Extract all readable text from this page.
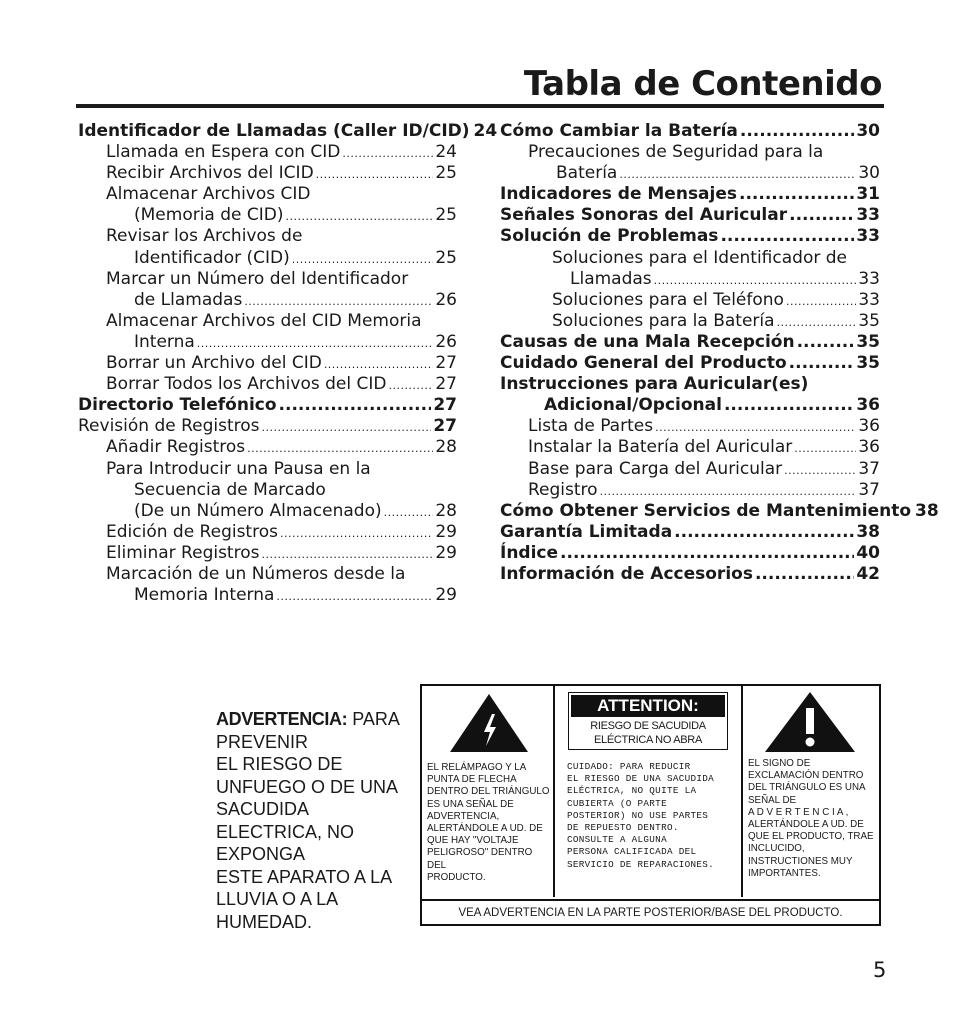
Tabla de Contenido
Identificador de Llamadas (Caller ID/CID) 24
Llamada en Espera con CID .....	24
Recibir Archivos del ICID .....	25
Almacenar Archivos CID
(Memoria de CID) .....	25
Revisar los Archivos de
Identificador (CID) .....	25
Marcar un Número del Identificador
de Llamadas .....	26
Almacenar Archivos del CID Memoria
Interna .....	26
Borrar un Archivo del CID .....	27
Borrar Todos los Archivos del CID .....	27
Directorio Telefónico .....	27
Revisión de Registros .....	27
Añadir Registros .....	28
Para Introducir una Pausa en la
Secuencia de Marcado
(De un Número Almacenado) .....	28
Edición de Registros .....	29
Eliminar Registros .....	29
Marcación de un Números desde la
Memoria Interna .....	29
Cómo Cambiar la Batería .....	30
Precauciones de Seguridad para la
Batería .....	30
Indicadores de Mensajes .....	31
Señales Sonoras del Auricular .....	33
Solución de Problemas .....	33
Soluciones para el Identificador de
Llamadas .....	33
Soluciones para el Teléfono .....	33
Soluciones para la Batería .....	35
Causas de una Mala Recepción .....	35
Cuidado General del Producto .....	35
Instrucciones para Auricular(es)
Adicional/Opcional .....	36
Lista de Partes .....	36
Instalar la Batería del Auricular .....	36
Base para Carga del Auricular .....	37
Registro .....	37
Cómo Obtener Servicios de Mantenimiento 38
Garantía Limitada .....	38
Índice .....	40
Información de Accesorios .....	42
ADVERTENCIA: PARA
PREVENIR
EL RIESGO DE
UNFUEGO O DE UNA
SACUDIDA
ELECTRICA, NO
EXPONGA
ESTE APARATO A LA
LLUVIA O A LA
HUMEDAD.
EL RELÁMPAGO Y LA
PUNTA DE FLECHA
DENTRO DEL TRIÁNGULO
ES UNA SEÑAL DE
ADVERTENCIA,
ALERTÁNDOLE A UD. DE
QUE HAY "VOLTAJE
PELIGROSO" DENTRO DEL
PRODUCTO.
ATTENTION:
RIESGO DE SACUDIDA
ELÉCTRICA NO ABRA
CUIDADO: PARA REDUCIR
EL RIESGO DE UNA SACUDIDA
ELÉCTRICA, NO QUITE LA
CUBIERTA (O PARTE
POSTERIOR) NO USE PARTES
DE REPUESTO DENTRO.
CONSULTE A ALGUNA
PERSONA CALIFICADA DEL
SERVICIO DE REPARACIONES.
EL SIGNO DE
EXCLAMACIÓN DENTRO
DEL TRIÁNGULO ES UNA
SEÑAL DE
A D V E R T E N C I A ,
ALERTÁNDOLE A UD. DE
QUE EL PRODUCTO, TRAE
INCLUCIDO,
INSTRUCTIONES MUY
IMPORTANTES.
VEA ADVERTENCIA EN LA PARTE POSTERIOR/BASE DEL PRODUCTO.
5
